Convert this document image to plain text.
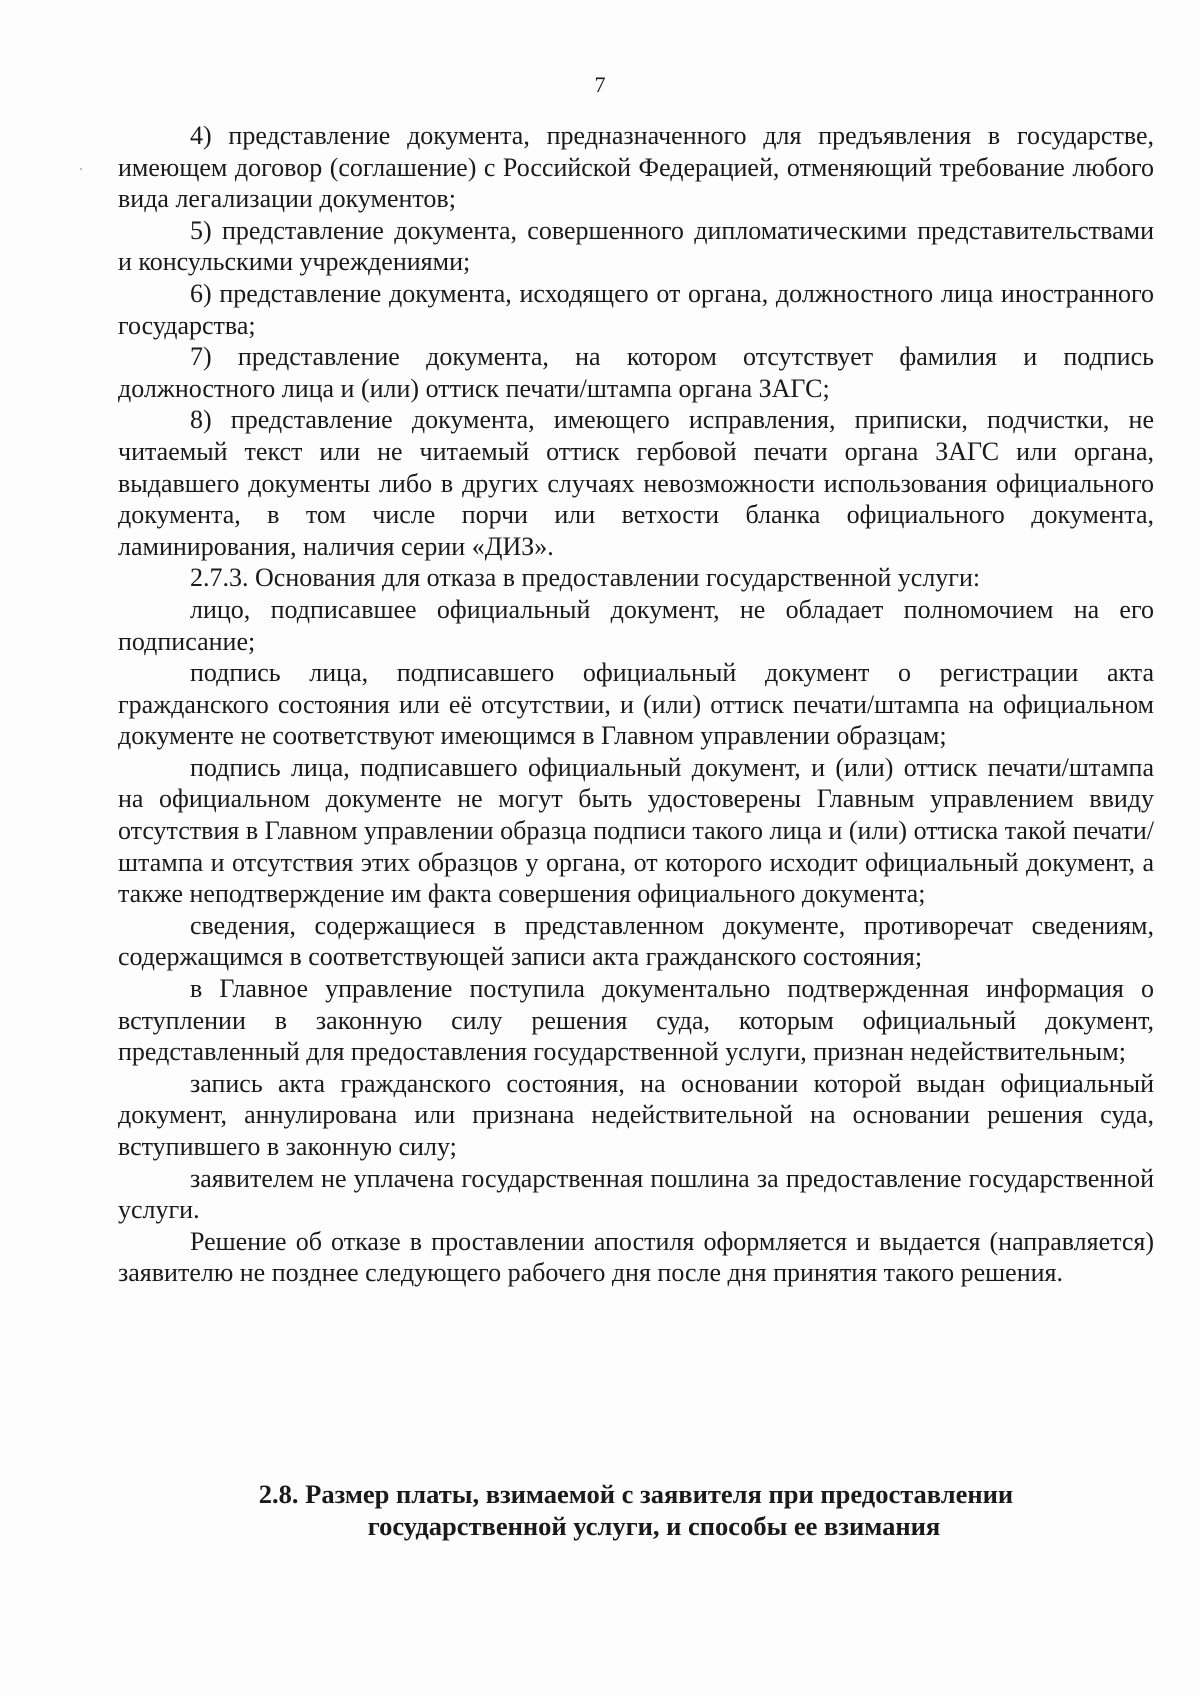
7

4) представление документа, предназначенного для предъявления в государстве, имеющем договор (соглашение) с Российской Федерацией, отменяющий требование любого вида легализации документов;

5) представление документа, совершенного дипломатическими представительствами и консульскими учреждениями;

6) представление документа, исходящего от органа, должностного лица иностранного государства;

7) представление документа, на котором отсутствует фамилия и подпись должностного лица и (или) оттиск печати/штампа органа ЗАГС;

8) представление документа, имеющего исправления, приписки, подчистки, не читаемый текст или не читаемый оттиск гербовой печати органа ЗАГС или органа, выдавшего документы либо в других случаях невозможности использования официального документа, в том числе порчи или ветхости бланка официального документа, ламинирования, наличия серии «ДИЗ».

2.7.3. Основания для отказа в предоставлении государственной услуги:

лицо, подписавшее официальный документ, не обладает полномочием на его подписание;

подпись лица, подписавшего официальный документ о регистрации акта гражданского состояния или её отсутствии, и (или) оттиск печати/штампа на официальном документе не соответствуют имеющимся в Главном управлении образцам;

подпись лица, подписавшего официальный документ, и (или) оттиск печати/штампа на официальном документе не могут быть удостоверены Главным управлением ввиду отсутствия в Главном управлении образца подписи такого лица и (или) оттиска такой печати/штампа и отсутствия этих образцов у органа, от которого исходит официальный документ, а также неподтверждение им факта совершения официального документа;

сведения, содержащиеся в представленном документе, противоречат сведениям, содержащимся в соответствующей записи акта гражданского состояния;

в Главное управление поступила документально подтвержденная информация о вступлении в законную силу решения суда, которым официальный документ, представленный для предоставления государственной услуги, признан недействительным;

запись акта гражданского состояния, на основании которой выдан официальный документ, аннулирована или признана недействительной на основании решения суда, вступившего в законную силу;

заявителем не уплачена государственная пошлина за предоставление государственной услуги.

Решение об отказе в проставлении апостиля оформляется и выдается (направляется) заявителю не позднее следующего рабочего дня после дня принятия такого решения.

2.8. Размер платы, взимаемой с заявителя при предоставлении
государственной услуги, и способы ее взимания
